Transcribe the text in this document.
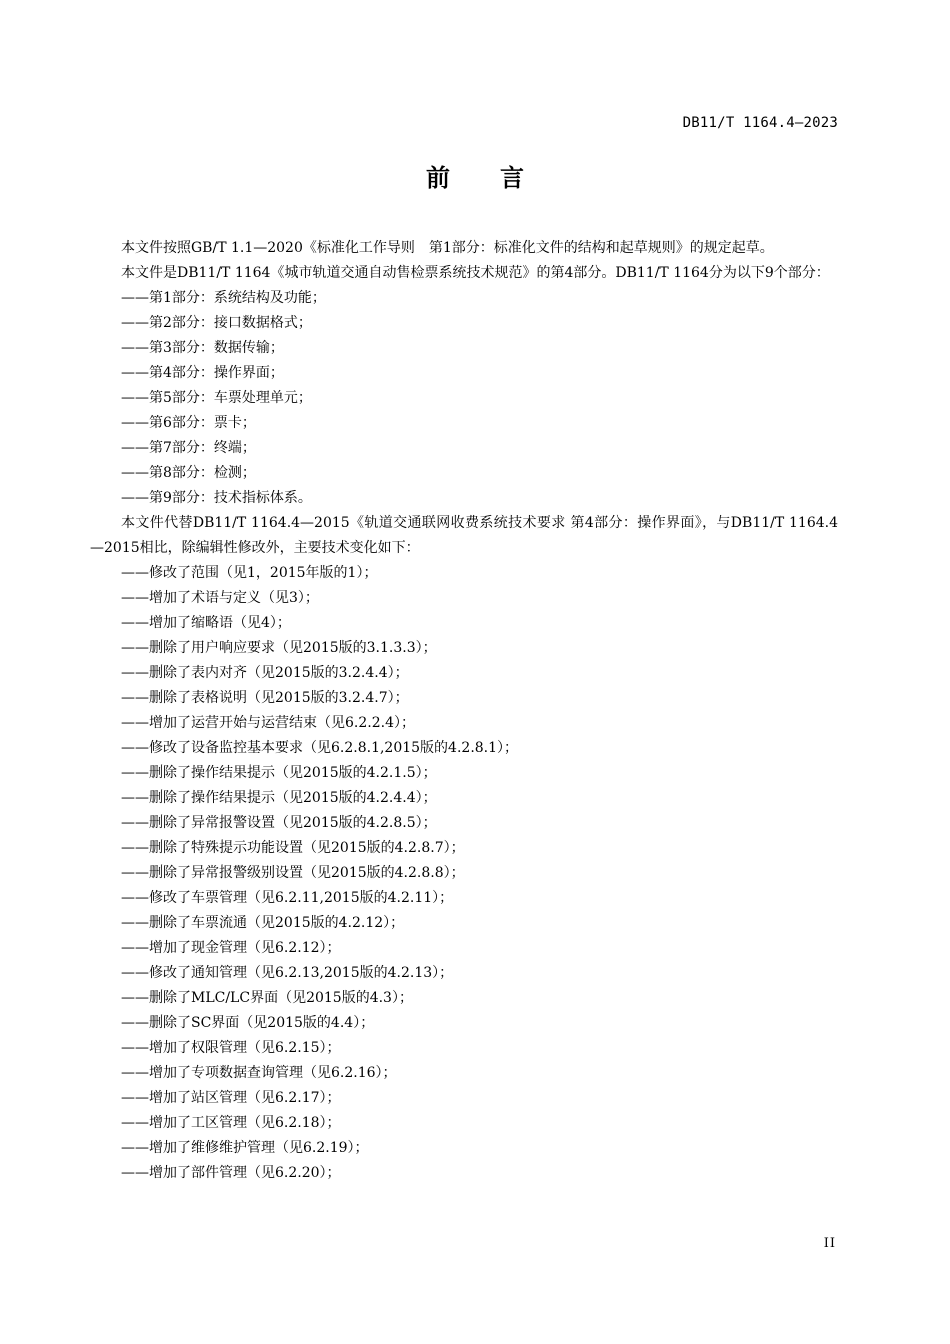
DB11/T 1164.4—2023
前言

本文件按照GB/T 1.1—2020《标准化工作导则　第1部分：标准化文件的结构和起草规则》的规定起草。

本文件是DB11/T 1164《城市轨道交通自动售检票系统技术规范》的第4部分。DB11/T 1164分为以下9个部分：

——第1部分：系统结构及功能；
——第2部分：接口数据格式；
——第3部分：数据传输；
——第4部分：操作界面；
——第5部分：车票处理单元；
——第6部分：票卡；
——第7部分：终端；
——第8部分：检测；
——第9部分：技术指标体系。

本文件代替DB11/T 1164.4—2015《轨道交通联网收费系统技术要求 第4部分：操作界面》，与DB11/T 1164.4—2015相比，除编辑性修改外，主要技术变化如下：

——修改了范围（见1，2015年版的1）；
——增加了术语与定义（见3）；
——增加了缩略语（见4）；
——删除了用户响应要求（见2015版的3.1.3.3）；
——删除了表内对齐（见2015版的3.2.4.4）；
——删除了表格说明（见2015版的3.2.4.7）；
——增加了运营开始与运营结束（见6.2.2.4）；
——修改了设备监控基本要求（见6.2.8.1,2015版的4.2.8.1）；
——删除了操作结果提示（见2015版的4.2.1.5）；
——删除了操作结果提示（见2015版的4.2.4.4）；
——删除了异常报警设置（见2015版的4.2.8.5）；
——删除了特殊提示功能设置（见2015版的4.2.8.7）；
——删除了异常报警级别设置（见2015版的4.2.8.8）；
——修改了车票管理（见6.2.11,2015版的4.2.11）；
——删除了车票流通（见2015版的4.2.12）；
——增加了现金管理（见6.2.12）；
——修改了通知管理（见6.2.13,2015版的4.2.13）；
——删除了MLC/LC界面（见2015版的4.3）；
——删除了SC界面（见2015版的4.4）；
——增加了权限管理（见6.2.15）；
——增加了专项数据查询管理（见6.2.16）；
——增加了站区管理（见6.2.17）；
——增加了工区管理（见6.2.18）；
——增加了维修维护管理（见6.2.19）；
——增加了部件管理（见6.2.20）；
II
